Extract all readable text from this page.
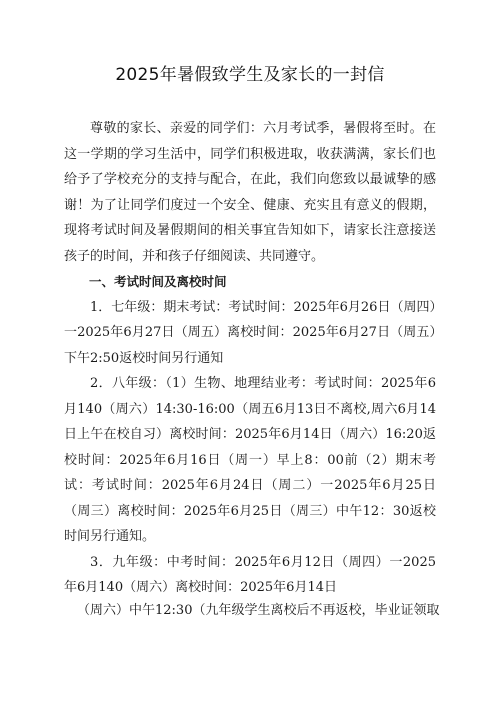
2025年暑假致学生及家长的一封信

尊敬的家长、亲爱的同学们：六月考试季，暑假将至时。在这一学期的学习生活中，同学们积极进取，收获满满，家长们也给予了学校充分的支持与配合，在此，我们向您致以最诚挚的感谢！为了让同学们度过一个安全、健康、充实且有意义的假期，现将考试时间及暑假期间的相关事宜告知如下，请家长注意接送孩子的时间，并和孩子仔细阅读、共同遵守。

一、考试时间及离校时间

1．七年级：期末考试：考试时间：2025年6月26日（周四）一2025年6月27日（周五）离校时间：2025年6月27日（周五）下午2:50返校时间另行通知

2．八年级：（1）生物、地理结业考：考试时间：2025年6月140（周六）14:30-16:00（周五6月13日不离校,周六6月14日上午在校自习）离校时间：2025年6月14日（周六）16:20返校时间：2025年6月16日（周一）早上8：00前（2）期末考试：考试时间：2025年6月24日（周二）一2025年6月25日（周三）离校时间：2025年6月25日（周三）中午12：30返校时间另行通知。

3．九年级：中考时间：2025年6月12日（周四）一2025年6月140（周六）离校时间：2025年6月14日

（周六）中午12:30（九年级学生离校后不再返校，毕业证领取
